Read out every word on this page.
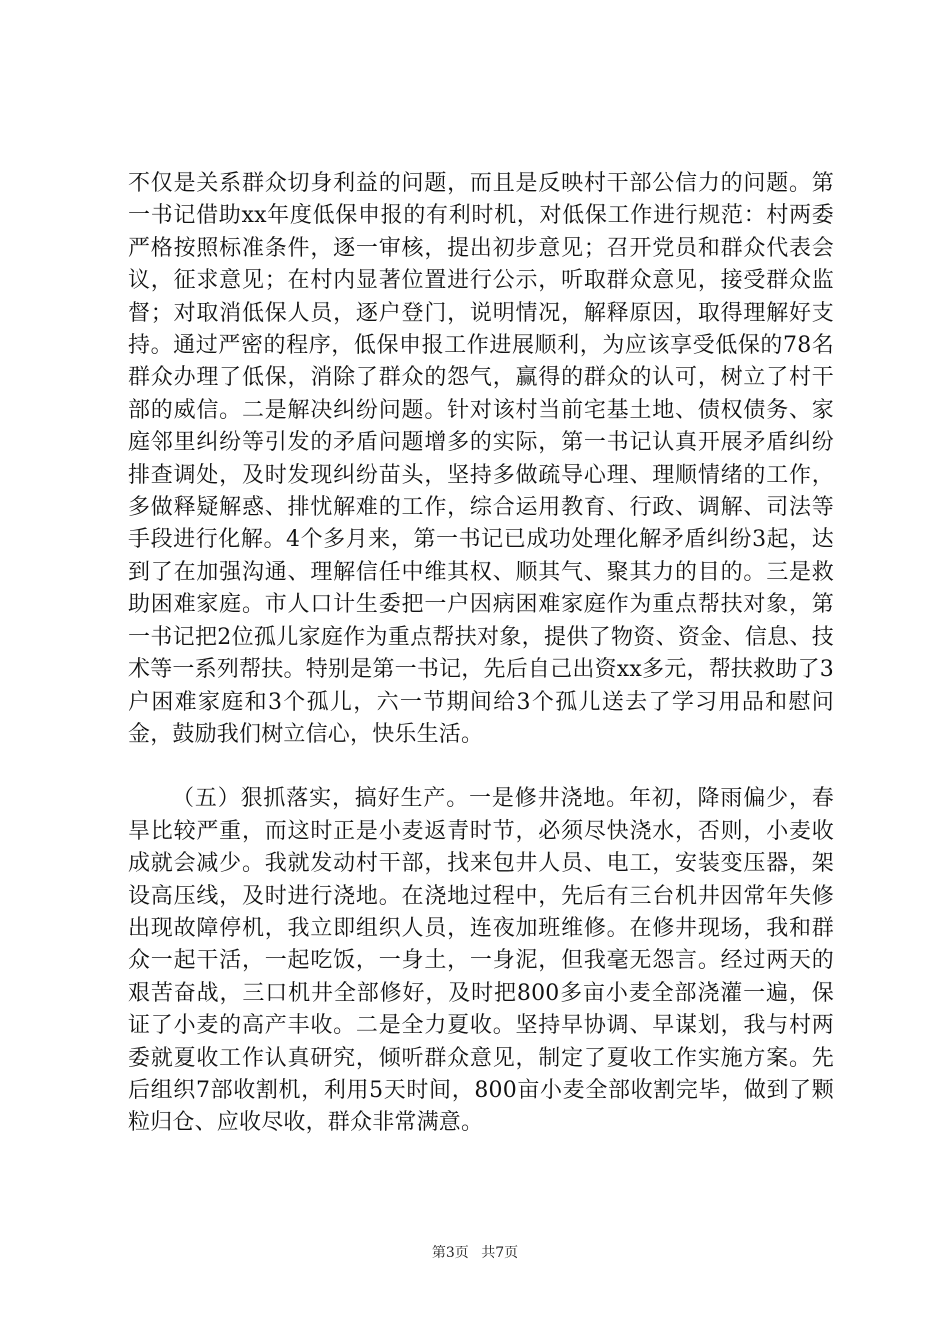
不仅是关系群众切身利益的问题，而且是反映村干部公信力的问题。第一书记借助xx年度低保申报的有利时机，对低保工作进行规范：村两委严格按照标准条件，逐一审核，提出初步意见；召开党员和群众代表会议，征求意见；在村内显著位置进行公示，听取群众意见，接受群众监督；对取消低保人员，逐户登门，说明情况，解释原因，取得理解好支持。通过严密的程序，低保申报工作进展顺利，为应该享受低保的78名群众办理了低保，消除了群众的怨气，赢得的群众的认可，树立了村干部的威信。二是解决纠纷问题。针对该村当前宅基土地、债权债务、家庭邻里纠纷等引发的矛盾问题增多的实际，第一书记认真开展矛盾纠纷排查调处，及时发现纠纷苗头，坚持多做疏导心理、理顺情绪的工作，多做释疑解惑、排忧解难的工作，综合运用教育、行政、调解、司法等手段进行化解。4个多月来，第一书记已成功处理化解矛盾纠纷3起，达到了在加强沟通、理解信任中维其权、顺其气、聚其力的目的。三是救助困难家庭。市人口计生委把一户因病困难家庭作为重点帮扶对象，第一书记把2位孤儿家庭作为重点帮扶对象，提供了物资、资金、信息、技术等一系列帮扶。特别是第一书记，先后自己出资xx多元，帮扶救助了3户困难家庭和3个孤儿，六一节期间给3个孤儿送去了学习用品和慰问金，鼓励我们树立信心，快乐生活。

（五）狠抓落实，搞好生产。一是修井浇地。年初，降雨偏少，春旱比较严重，而这时正是小麦返青时节，必须尽快浇水，否则，小麦收成就会减少。我就发动村干部，找来包井人员、电工，安装变压器，架设高压线，及时进行浇地。在浇地过程中，先后有三台机井因常年失修出现故障停机，我立即组织人员，连夜加班维修。在修井现场，我和群众一起干活，一起吃饭，一身土，一身泥，但我毫无怨言。经过两天的艰苦奋战，三口机井全部修好，及时把800多亩小麦全部浇灌一遍，保证了小麦的高产丰收。二是全力夏收。坚持早协调、早谋划，我与村两委就夏收工作认真研究，倾听群众意见，制定了夏收工作实施方案。先后组织7部收割机，利用5天时间，800亩小麦全部收割完毕，做到了颗粒归仓、应收尽收，群众非常满意。

第3页 共7页
